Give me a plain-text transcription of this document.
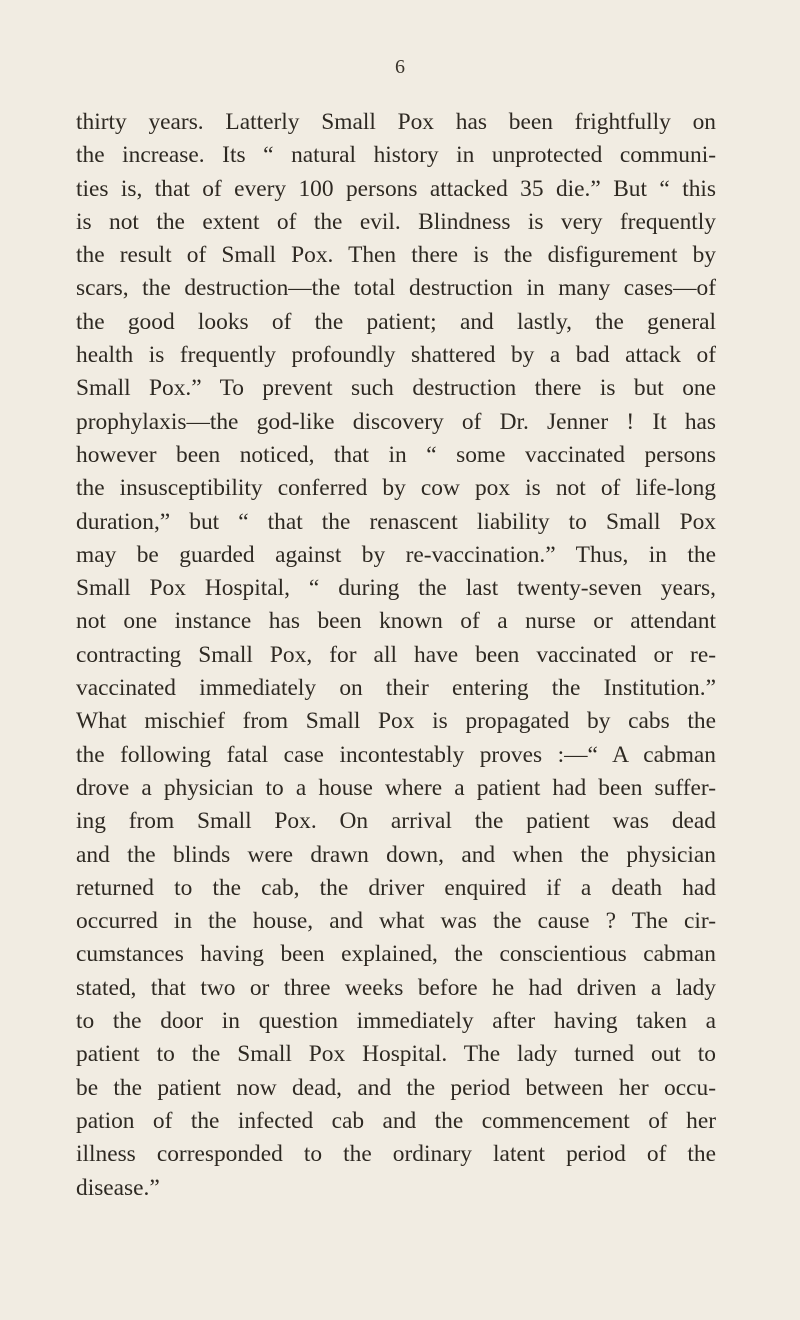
6
thirty years. Latterly Small Pox has been frightfully on
the increase. Its “ natural history in unprotected communi-
ties is, that of every 100 persons attacked 35 die.” But “ this
is not the extent of the evil. Blindness is very frequently
the result of Small Pox. Then there is the disfigurement by
scars, the destruction—the total destruction in many cases—of
the good looks of the patient; and lastly, the general
health is frequently profoundly shattered by a bad attack of
Small Pox.” To prevent such destruction there is but one
prophylaxis—the god-like discovery of Dr. Jenner ! It has
however been noticed, that in “ some vaccinated persons
the insusceptibility conferred by cow pox is not of life-long
duration,” but “ that the renascent liability to Small Pox
may be guarded against by re-vaccination.” Thus, in the
Small Pox Hospital, “ during the last twenty-seven years,
not one instance has been known of a nurse or attendant
contracting Small Pox, for all have been vaccinated or re-
vaccinated immediately on their entering the Institution.”
What mischief from Small Pox is propagated by cabs the
the following fatal case incontestably proves :—“ A cabman
drove a physician to a house where a patient had been suffer-
ing from Small Pox. On arrival the patient was dead
and the blinds were drawn down, and when the physician
returned to the cab, the driver enquired if a death had
occurred in the house, and what was the cause ? The cir-
cumstances having been explained, the conscientious cabman
stated, that two or three weeks before he had driven a lady
to the door in question immediately after having taken a
patient to the Small Pox Hospital. The lady turned out to
be the patient now dead, and the period between her occu-
pation of the infected cab and the commencement of her
illness corresponded to the ordinary latent period of the
disease.”
